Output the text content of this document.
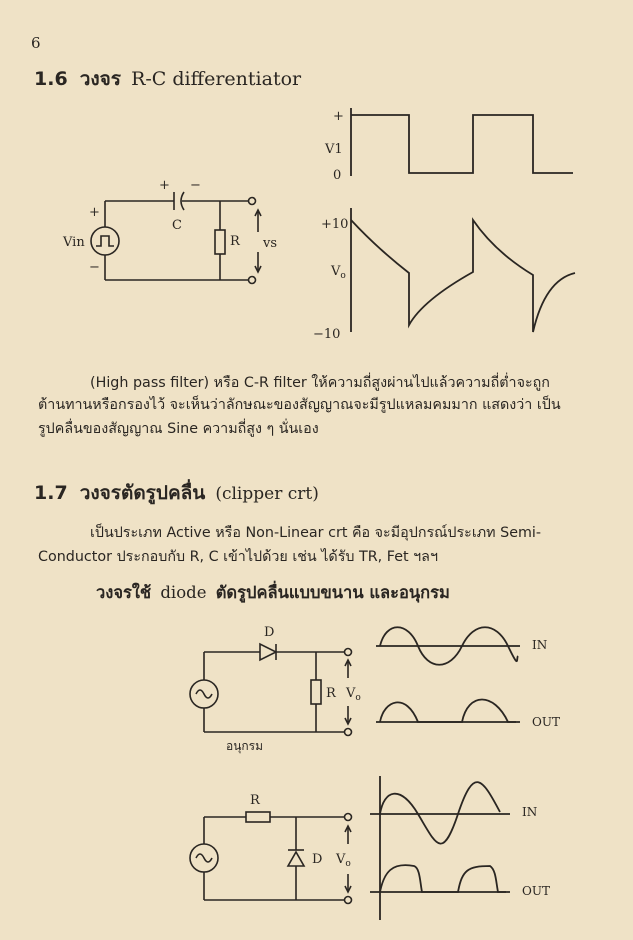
6
1.6 วงจร R-C differentiator
+ −
C
+
−
Vin	R vs
+
V1
0
+10
$V_o$
−10
(High pass filter) หรือ C-R filter ให้ความถี่สูงผ่านไปแล้วความถี่ต่ำจะถูก
ต้านทานหรือกรองไว้ จะเห็นว่าลักษณะของสัญญาณจะมีรูปแหลมคมมาก แสดงว่า เป็น
รูปคลื่นของสัญญาณ Sine ความถี่สูง ๆ นั่นเอง
1.7 วงจรตัดรูปคลื่น (clipper crt)
เป็นประเภท Active หรือ Non-Linear crt คือ จะมีอุปกรณ์ประเภท Semi-
Conductor ประกอบกับ R, C เข้าไปด้วย เช่น ได้รับ TR, Fet ฯลฯ
วงจรใช้ diode ตัดรูปคลื่นแบบขนาน และอนุกรม
D
R $V_o$
อนุกรม
IN
OUT
R
D $V_o$
IN
OUT
